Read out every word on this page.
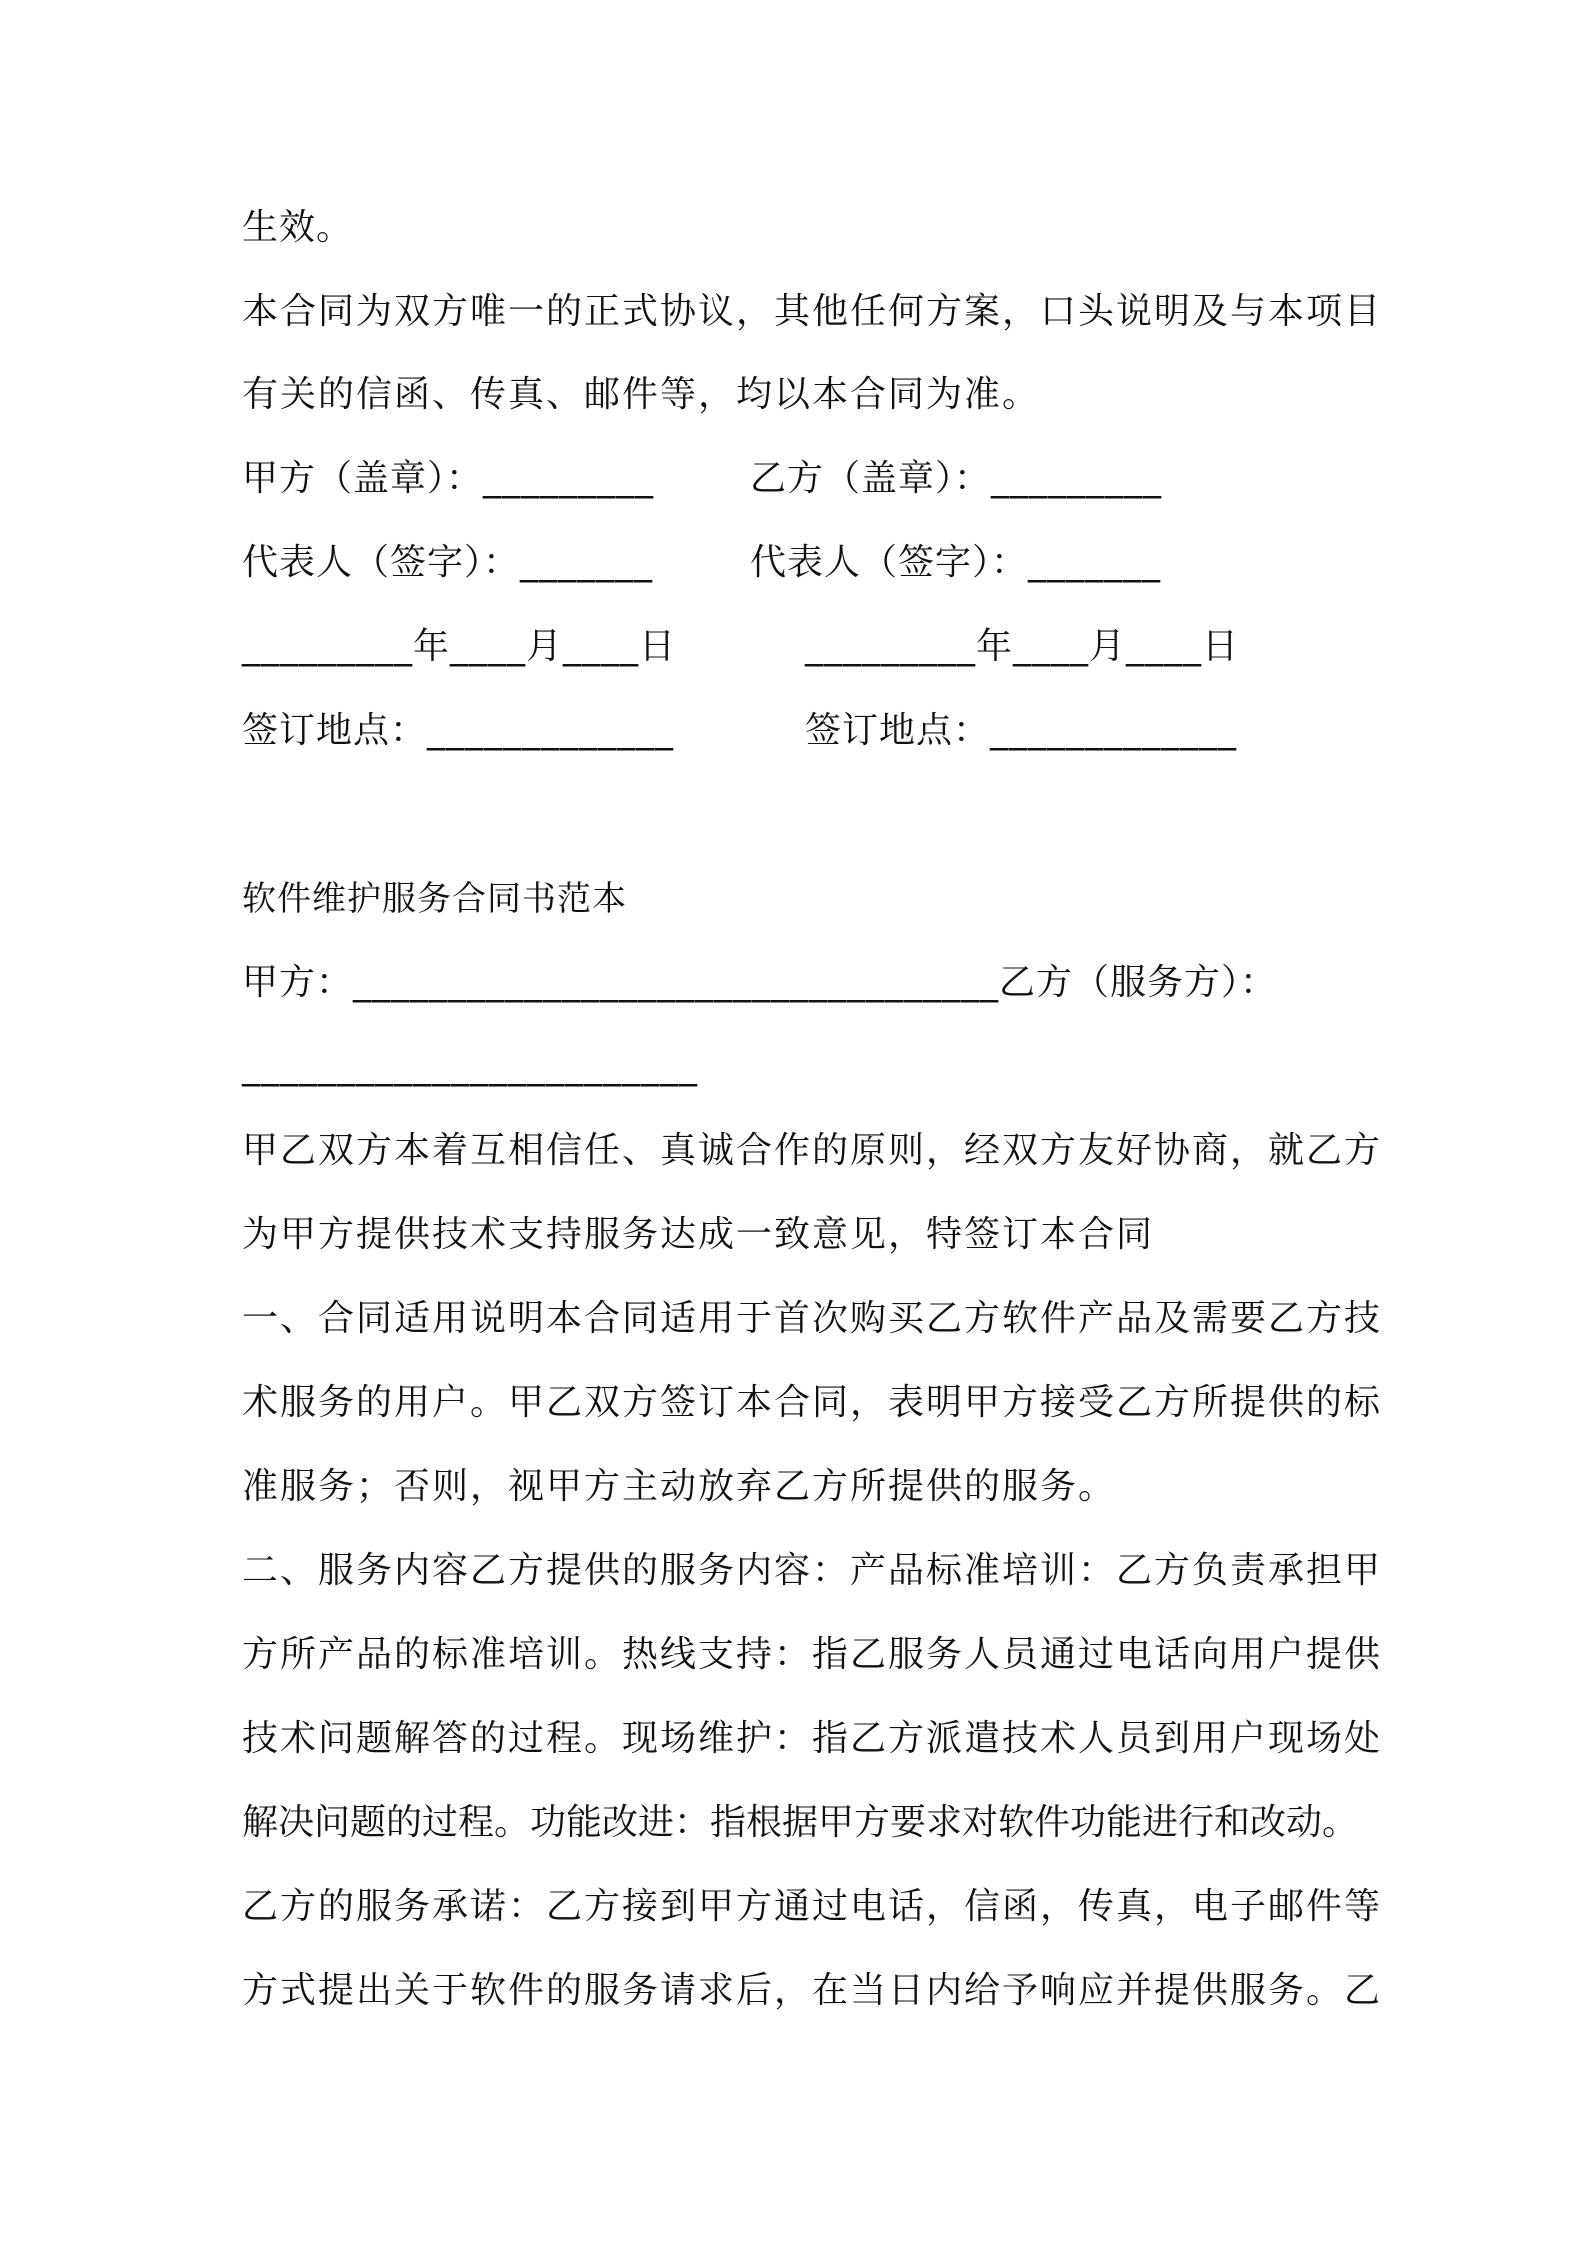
生效。
本合同为双方唯一的正式协议，其他任何方案，口头说明及与本项目
有关的信函、传真、邮件等，均以本合同为准。
甲方（盖章）：_________	乙方（盖章）：_________
代表人（签字）：_______	代表人（签字）：_______
_________年____月____日	_________年____月____日
签订地点：_____________	签订地点：_____________
软件维护服务合同书范本
甲方：__________________________________乙方（服务方）：
________________________
甲乙双方本着互相信任、真诚合作的原则，经双方友好协商，就乙方
为甲方提供技术支持服务达成一致意见，特签订本合同
一、合同适用说明本合同适用于首次购买乙方软件产品及需要乙方技
术服务的用户。甲乙双方签订本合同，表明甲方接受乙方所提供的标
准服务；否则，视甲方主动放弃乙方所提供的服务。
二、服务内容乙方提供的服务内容：产品标准培训：乙方负责承担甲
方所产品的标准培训。热线支持：指乙服务人员通过电话向用户提供
技术问题解答的过程。现场维护：指乙方派遣技术人员到用户现场处
解决问题的过程。功能改进：指根据甲方要求对软件功能进行和改动。
乙方的服务承诺：乙方接到甲方通过电话，信函，传真，电子邮件等
方式提出关于软件的服务请求后，在当日内给予响应并提供服务。乙
